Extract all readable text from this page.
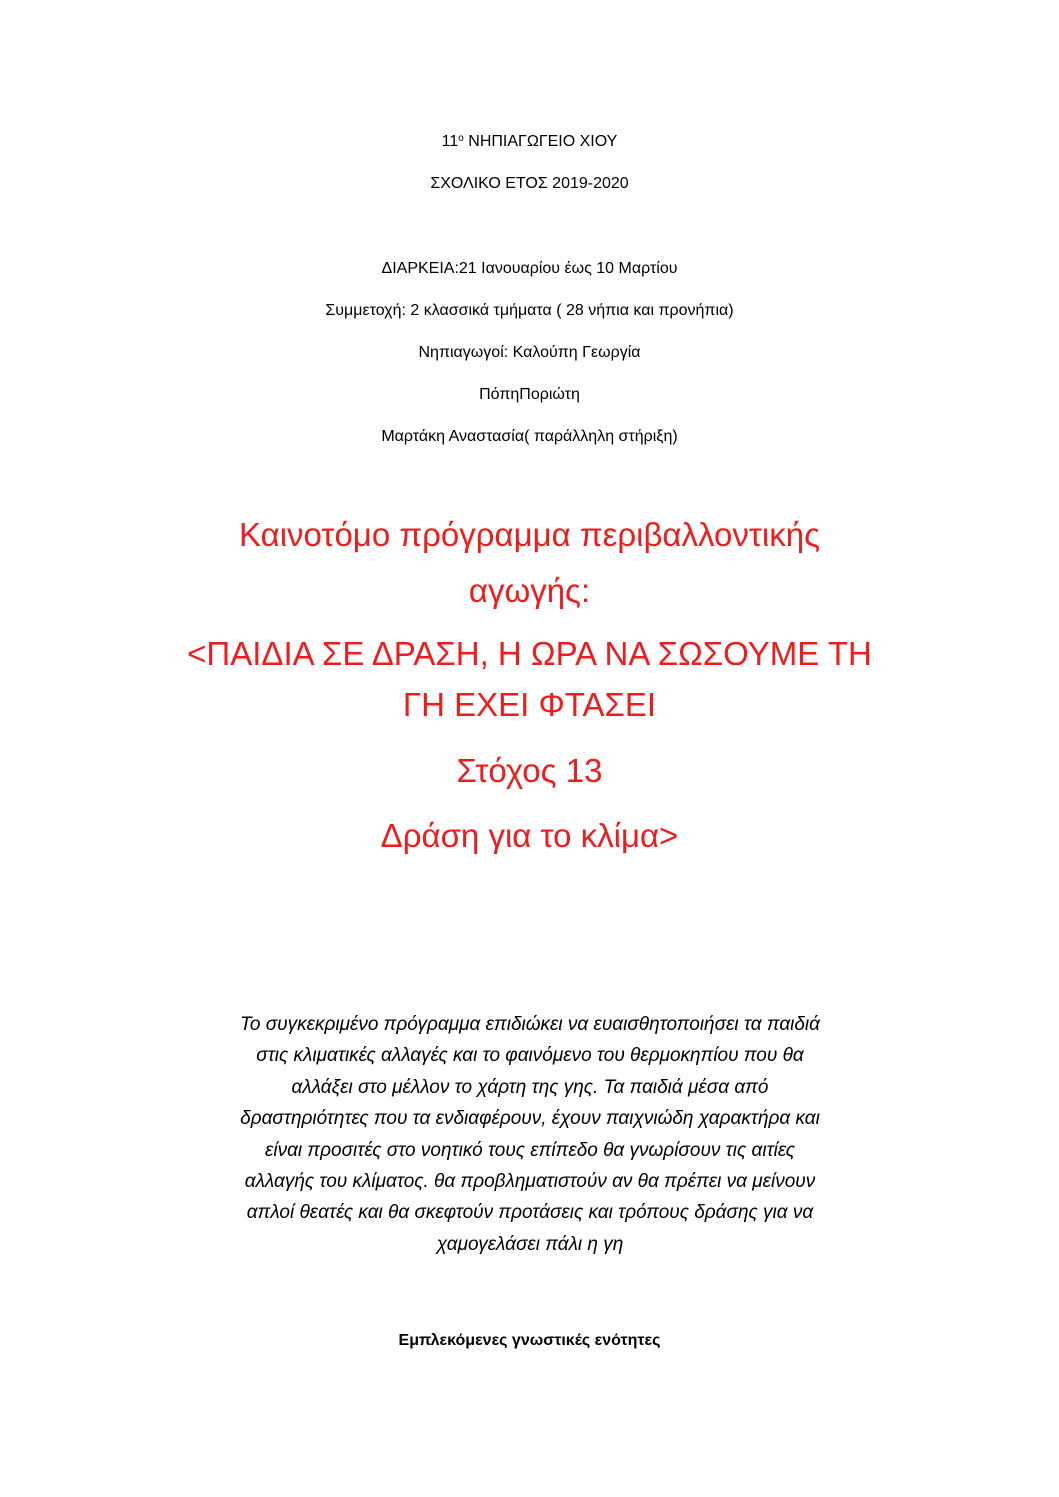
$11^o$ ΝΗΠΙΑΓΩΓΕΙΟ ΧΙΟΥ
ΣΧΟΛΙΚΟ ΕΤΟΣ 2019-2020
ΔΙΑΡΚΕΙΑ:21 Ιανουαρίου έως 10 Μαρτίου
Συμμετοχή: 2 κλασσικά τμήματα ( 28 νήπια και προνήπια)
Νηπιαγωγοί: Καλούπη Γεωργία
ΠόπηΠοριώτη
Μαρτάκη Αναστασία( παράλληλη στήριξη)
Καινοτόμο πρόγραμμα περιβαλλοντικής
αγωγής:
<ΠΑΙΔΙΑ ΣΕ ΔΡΑΣΗ, Η ΩΡΑ ΝΑ ΣΩΣΟΥΜΕ ΤΗ
ΓΗ ΕΧΕΙ ΦΤΑΣΕΙ
Στόχος 13
Δράση για το κλίμα>
Το συγκεκριμένο πρόγραμμα επιδιώκει να ευαισθητοποιήσει τα παιδιά
στις κλιματικές αλλαγές και το φαινόμενο του θερμοκηπίου που θα
αλλάξει στο μέλλον το χάρτη της γης. Τα παιδιά μέσα από
δραστηριότητες που τα ενδιαφέρουν, έχουν παιχνιώδη χαρακτήρα και
είναι προσιτές στο νοητικό τους επίπεδο θα γνωρίσουν τις αιτίες
αλλαγής του κλίματος. θα προβληματιστούν αν θα πρέπει να μείνουν
απλοί θεατές και θα σκεφτούν προτάσεις και τρόπους δράσης για να
χαμογελάσει πάλι η γη
Εμπλεκόμενες γνωστικές ενότητες
